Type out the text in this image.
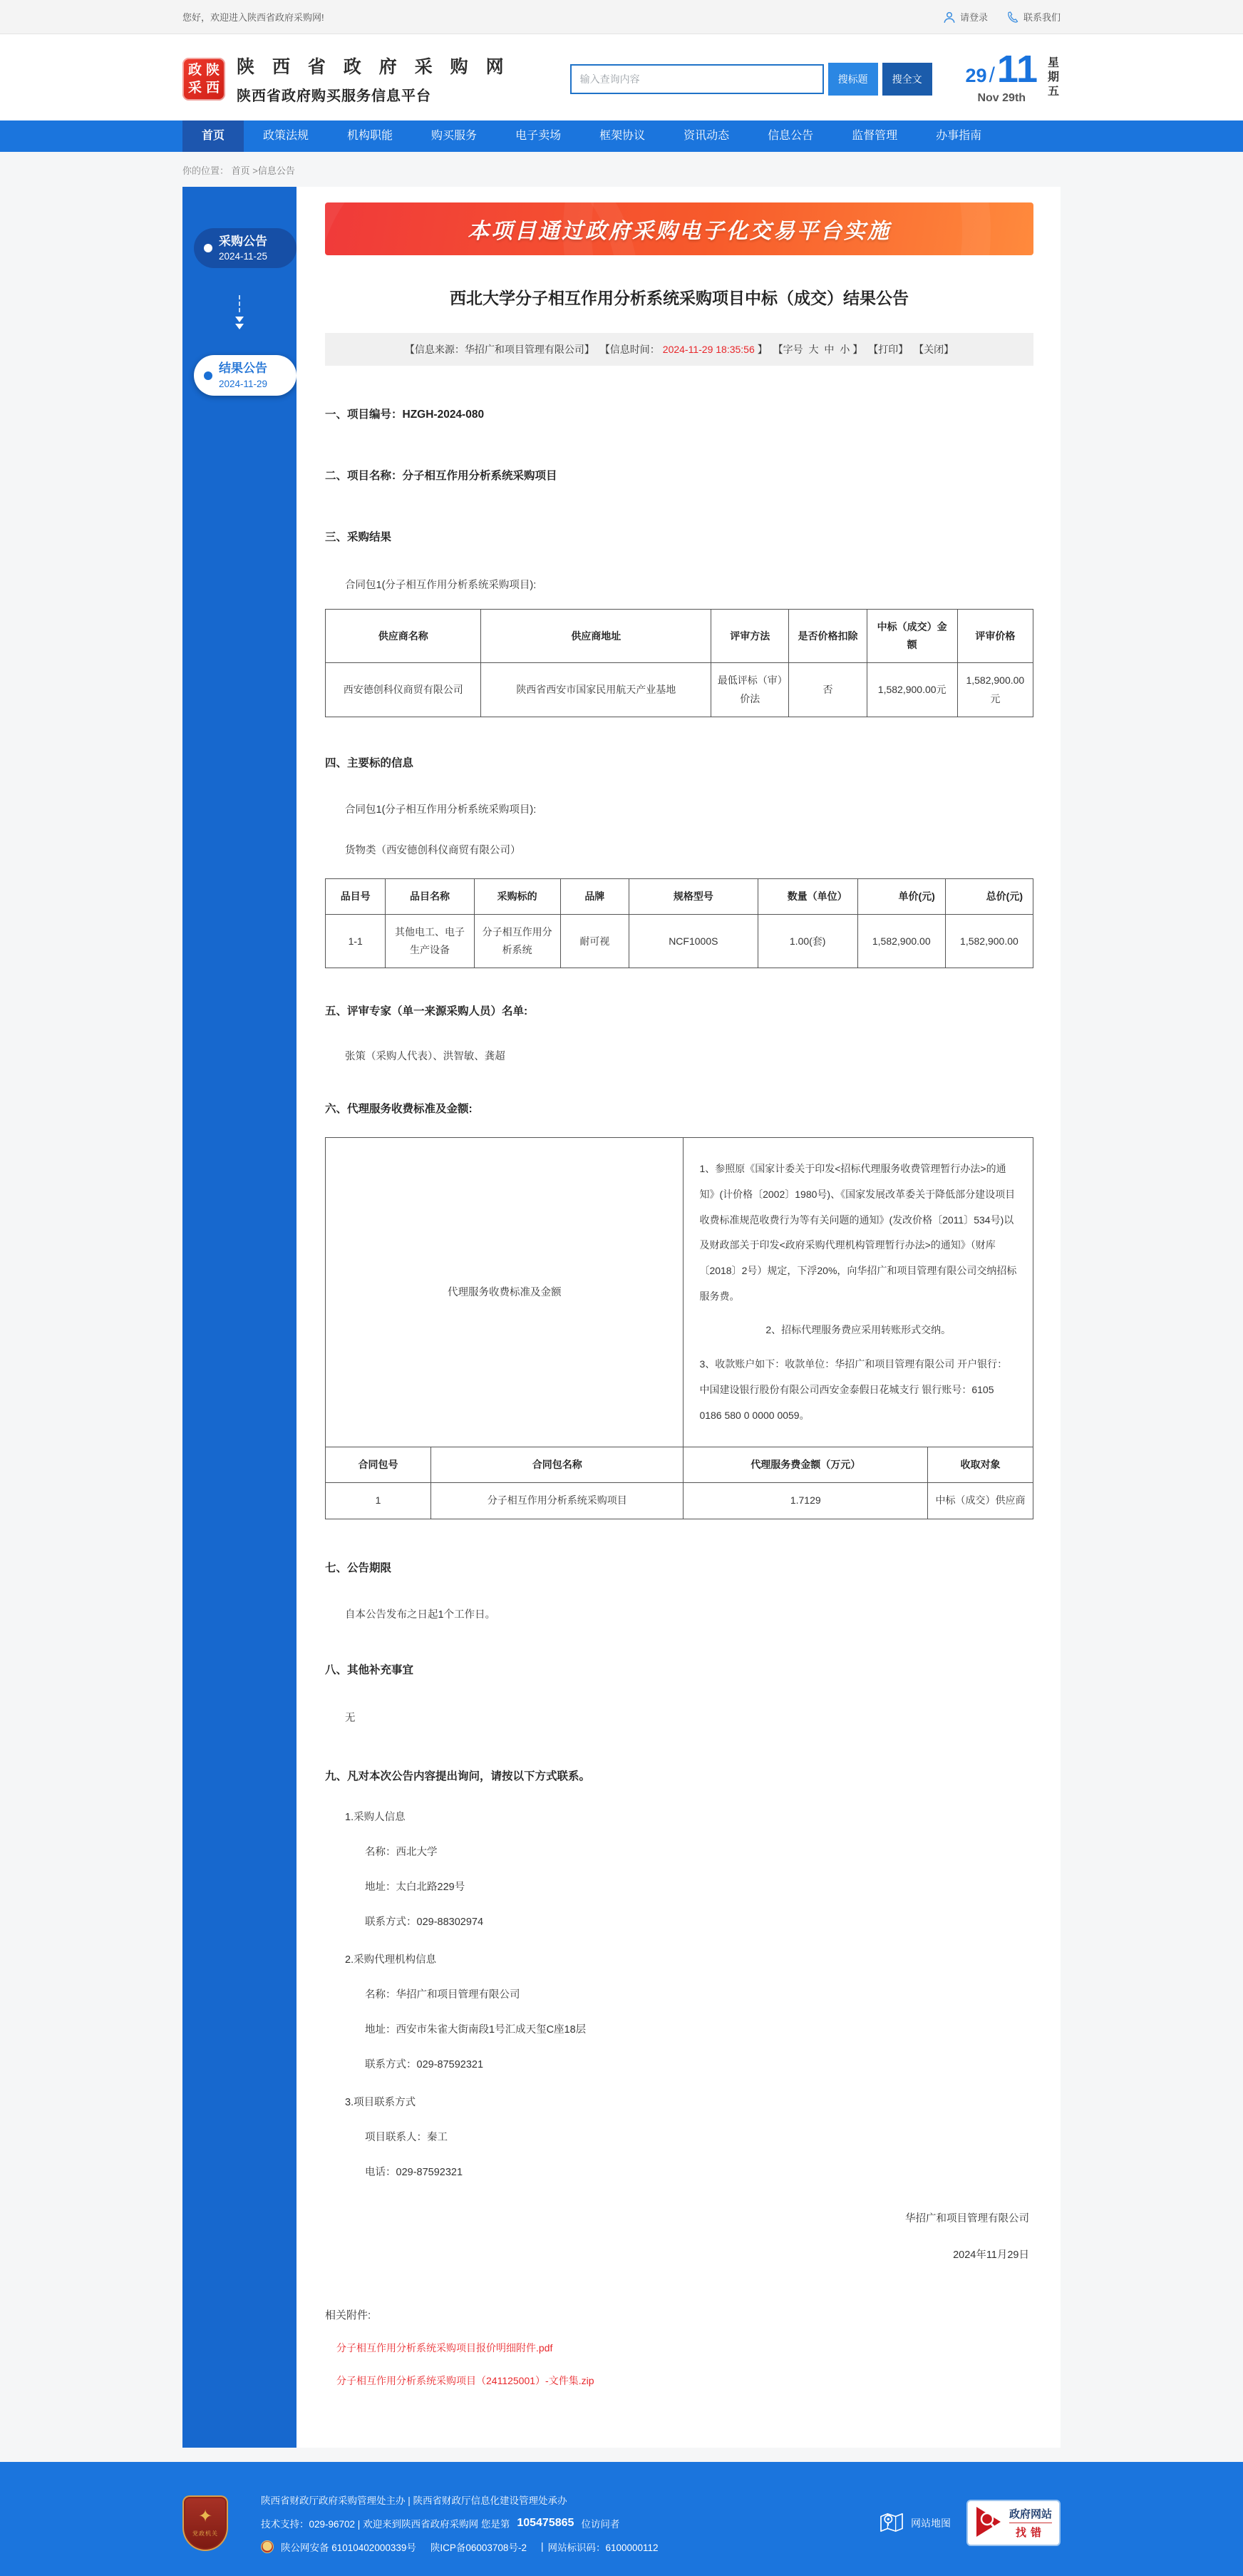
您好，欢迎进入陕西省政府采购网!	请登录	联系我们
政 陕
采 西
陕 西 省 政 府 采 购 网
陕西省政府购买服务信息平台
输入查询内容
搜标题	搜全文	29 / 11
Nov 29th
星期五
首页	政策法规	机构职能	购买服务	电子卖场	框架协议	资讯动态	信息公告	监督管理	办事指南
你的位置： 首页 >信息公告
采购公告
2024-11-25
结果公告
2024-11-29
本项目通过政府采购电子化交易平台实施
西北大学分子相互作用分析系统采购项目中标（成交）结果公告
【信息来源：华招广和项目管理有限公司】 【信息时间： 2024-11-29 18:35:56 】 【字号 大 中 小 】 【打印】 【关闭】
一、项目编号：HZGH-2024-080
二、项目名称：分子相互作用分析系统采购项目
三、采购结果
合同包1(分子相互作用分析系统采购项目):
供应商名称	供应商地址	评审方法	是否价格扣除	中标（成交）金额	评审价格
西安德创科仪商贸有限公司	陕西省西安市国家民用航天产业基地	最低评标（审）价法	否	1,582,900.00元	1,582,900.00元
四、主要标的信息
合同包1(分子相互作用分析系统采购项目):
货物类（西安德创科仪商贸有限公司）
品目号	品目名称	采购标的	品牌	规格型号	数量（单位）	单价(元)	总价(元)
1-1	其他电工、电子生产设备	分子相互作用分析系统	耐可视	NCF1000S	1.00(套)	1,582,900.00	1,582,900.00
五、评审专家（单一来源采购人员）名单:
张策（采购人代表）、洪智敏、龚超
六、代理服务收费标准及金额:
代理服务收费标准及金额		1、参照原《国家计委关于印发<招标代理服务收费管理暂行办法>的通知》(计价格〔2002〕1980号)、《国家发展改革委关于降低部分建设项目收费标准规范收费行为等有关问题的通知》(发改价格〔2011〕534号)以及财政部关于印发<政府采购代理机构管理暂行办法>的通知》（财库〔2018〕2号）规定，下浮20%，向华招广和项目管理有限公司交纳招标服务费。

2、招标代理服务费应采用转账形式交纳。

3、收款账户如下：收款单位：华招广和项目管理有限公司 开户银行：中国建设银行股份有限公司西安金泰假日花城支行 银行账号：6105 0186 580 0 0000 0059。	

合同包号	合同包名称	代理服务费金额（万元）	收取对象
1	分子相互作用分析系统采购项目	1.7129	中标（成交）供应商
七、公告期限
自本公告发布之日起1个工作日。
八、其他补充事宜
无
九、凡对本次公告内容提出询问，请按以下方式联系。
1.采购人信息
名称：西北大学
地址：太白北路229号
联系方式：029-88302974
2.采购代理机构信息
名称：华招广和项目管理有限公司
地址：西安市朱雀大街南段1号汇成天玺C座18层
联系方式：029-87592321
3.项目联系方式
项目联系人：秦工
电话：029-87592321
华招广和项目管理有限公司
2024年11月29日
相关附件:
分子相互作用分析系统采购项目报价明细附件.pdf
分子相互作用分析系统采购项目（241125001）-文件集.zip
✦
党政机关
陕西省财政厅政府采购管理处主办 | 陕西省财政厅信息化建设管理处承办
技术支持：029-96702 | 欢迎来到陕西省政府采购网 您是第 105475865 位访问者
陕公网安备 61010402000339号 陕ICP备06003708号-2 | 网站标识码：6100000112
网站地图
政府网站
找错
